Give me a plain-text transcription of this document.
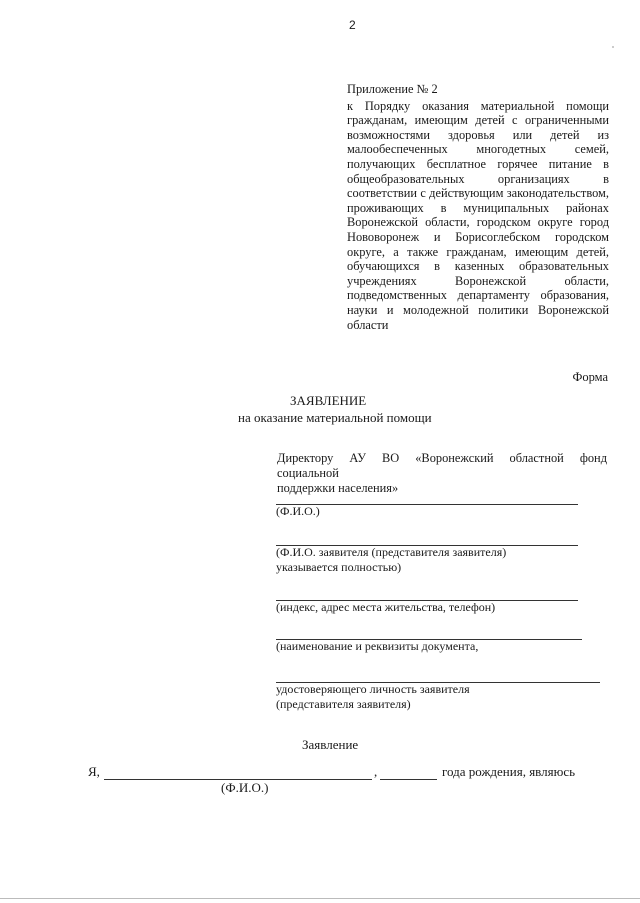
2

Приложение № 2

к Порядку оказания материальной помощи гражданам, имеющим детей с ограниченными возможностями здоровья или детей из малообеспеченных многодетных семей, получающих бесплатное горячее питание в общеобразовательных организациях в соответствии с действующим законодательством, проживающих в муниципальных районах Воронежской области, городском округе город Нововоронеж и Борисоглебском городском округе, а также гражданам, имеющим детей, обучающихся в казенных образовательных учреждениях Воронежской области, подведомственных департаменту образования, науки и молодежной политики Воронежской

области

Форма
ЗАЯВЛЕНИЕ
на оказание материальной помощи
Директору АУ ВО «Воронежский областной фонд социальной
поддержки населения»
(Ф.И.О.)
(Ф.И.О. заявителя (представителя заявителя)
указывается полностью)
(индекс, адрес места жительства, телефон)
(наименование и реквизиты документа,
удостоверяющего личность заявителя
(представителя заявителя)
Заявление
Я,	,	года рождения, являюсь
(Ф.И.О.)
